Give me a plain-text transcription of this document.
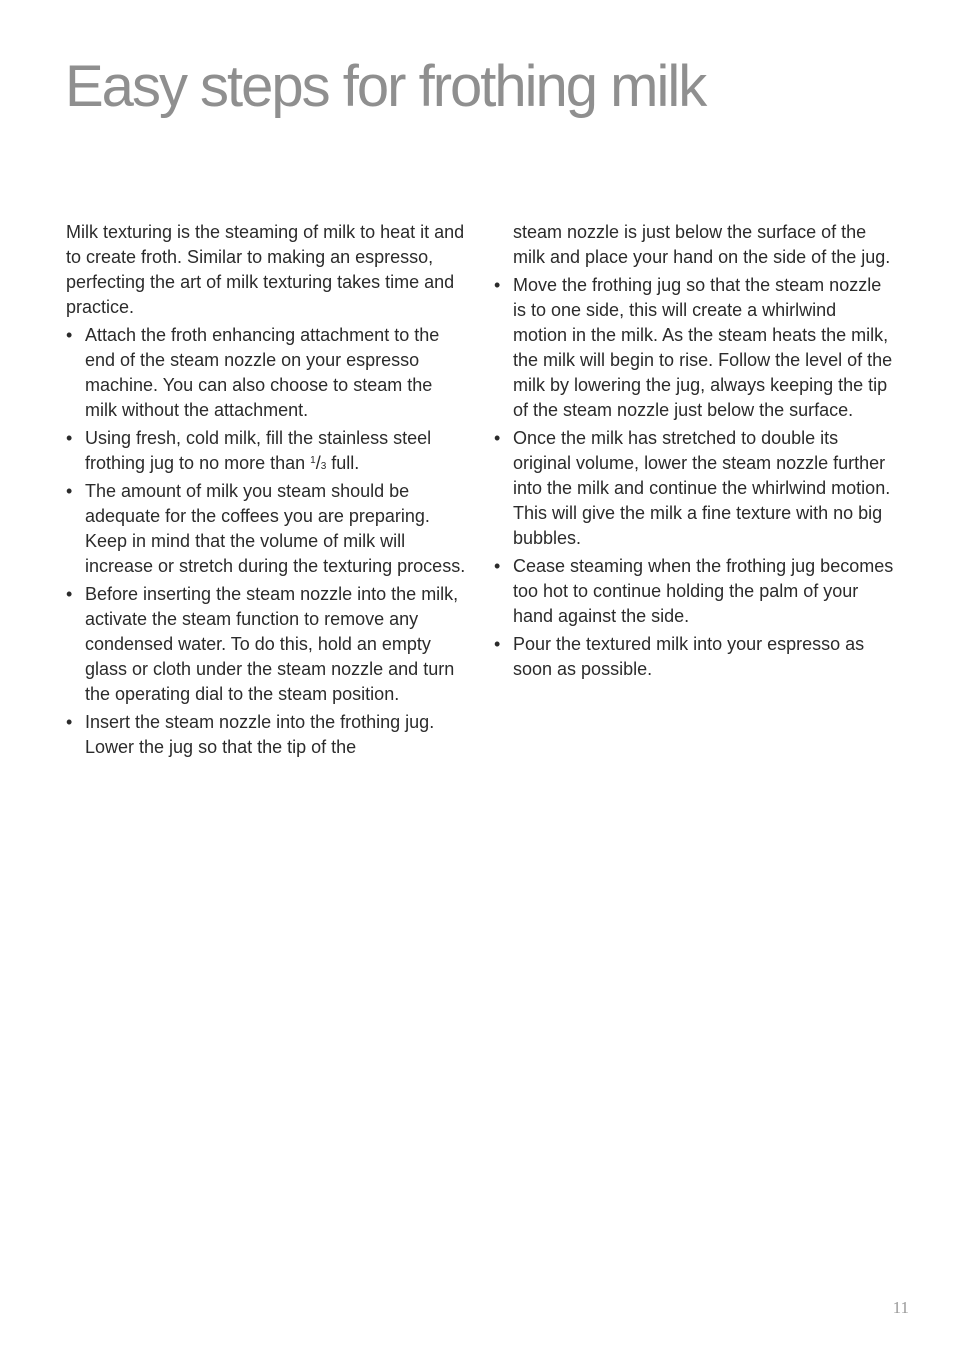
Easy steps for frothing milk

Milk texturing is the steaming of milk to heat it and to create froth. Similar to making an espresso, perfecting the art of milk texturing takes time and practice.

• Attach the froth enhancing attachment to the end of the steam nozzle on your espresso machine. You can also choose to steam the milk without the attachment.
• Using fresh, cold milk, fill the stainless steel frothing jug to no more than $^1$/3 full.
• The amount of milk you steam should be adequate for the coffees you are preparing. Keep in mind that the volume of milk will increase or stretch during the texturing process.
• Before inserting the steam nozzle into the milk, activate the steam function to remove any condensed water. To do this, hold an empty glass or cloth under the steam nozzle and turn the operating dial to the steam position.
• Insert the steam nozzle into the frothing jug. Lower the jug so that the tip of the

steam nozzle is just below the surface of the milk and place your hand on the side of the jug.

• Move the frothing jug so that the steam nozzle is to one side, this will create a whirlwind motion in the milk. As the steam heats the milk, the milk will begin to rise. Follow the level of the milk by lowering the jug, always keeping the tip of the steam nozzle just below the surface.
• Once the milk has stretched to double its original volume, lower the steam nozzle further into the milk and continue the whirlwind motion. This will give the milk a fine texture with no big bubbles.
• Cease steaming when the frothing jug becomes too hot to continue holding the palm of your hand against the side.
• Pour the textured milk into your espresso as soon as possible.
11
